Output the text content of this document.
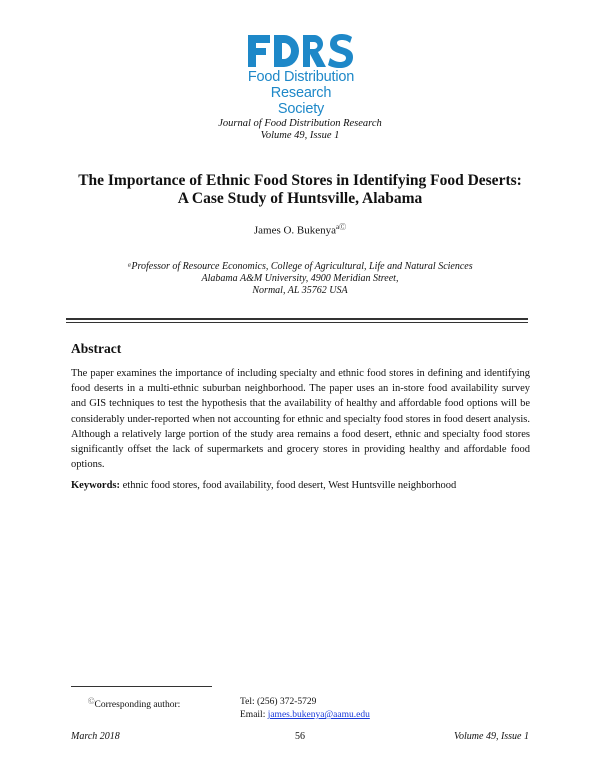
Food Distribution
Research Society
Journal of Food Distribution Research
Volume 49, Issue 1
The Importance of Ethnic Food Stores in Identifying Food Deserts:
A Case Study of Huntsville, Alabama
James O. Bukenya$^{aⒸ}$
ᵃProfessor of Resource Economics, College of Agricultural, Life and Natural Sciences
Alabama A&M University, 4900 Meridian Street,
Normal, AL 35762 USA
Abstract
The paper examines the importance of including specialty and ethnic food stores in defining and identifying food deserts in a multi-ethnic suburban neighborhood. The paper uses an in-store food availability survey and GIS techniques to test the hypothesis that the availability of healthy and affordable food options will be considerably under-reported when not accounting for ethnic and specialty food stores in food desert analysis. Although a relatively large portion of the study area remains a food desert, ethnic and specialty food stores significantly offset the lack of supermarkets and grocery stores in providing healthy and affordable food options.
Keywords: ethnic food stores, food availability, food desert, West Huntsville neighborhood
ⒸCorresponding author:	Tel: (256) 372-5729
Email: james.bukenya@aamu.edu
March 2018	56	Volume 49, Issue 1
